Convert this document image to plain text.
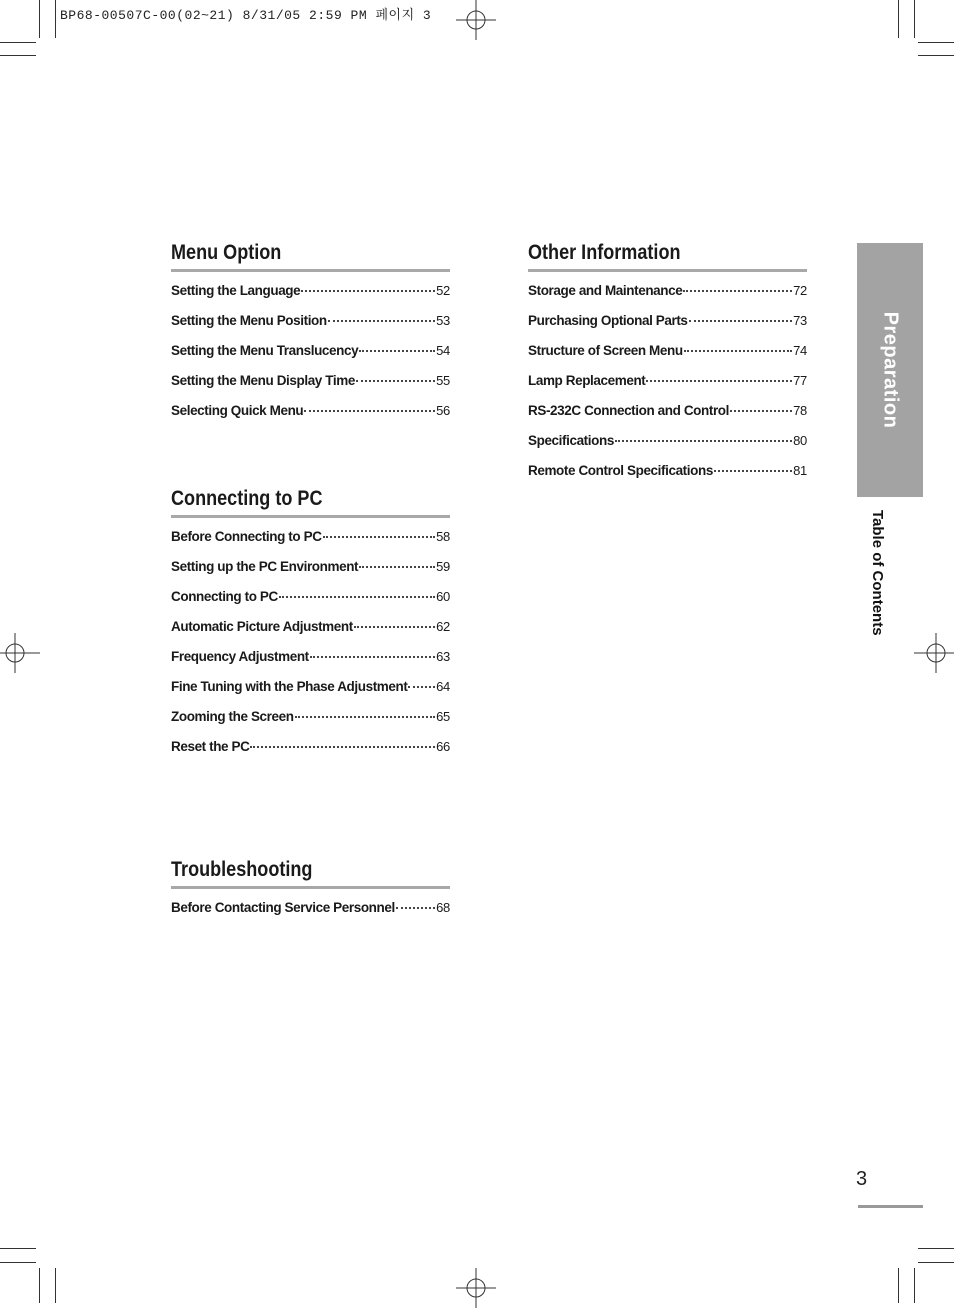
BP68-00507C-00(02~21) 8/31/05 2:59 PM 페이지 3
Menu Option
Setting the Language	52
Setting the Menu Position	53
Setting the Menu Translucency	54
Setting the Menu Display Time	55
Selecting Quick Menu	56
Connecting to PC
Before Connecting to PC	58
Setting up the PC Environment	59
Connecting to PC	60
Automatic Picture Adjustment	62
Frequency Adjustment	63
Fine Tuning with the Phase Adjustment 64
Zooming the Screen	65
Reset the PC	66
Troubleshooting
Before Contacting Service Personnel	68
Other Information
Storage and Maintenance	72
Purchasing Optional Parts	73
Structure of Screen Menu	74
Lamp Replacement	77
RS-232C Connection and Control	78
Specifications	80
Remote Control Specifications	81
Preparation
Table of Contents
3
